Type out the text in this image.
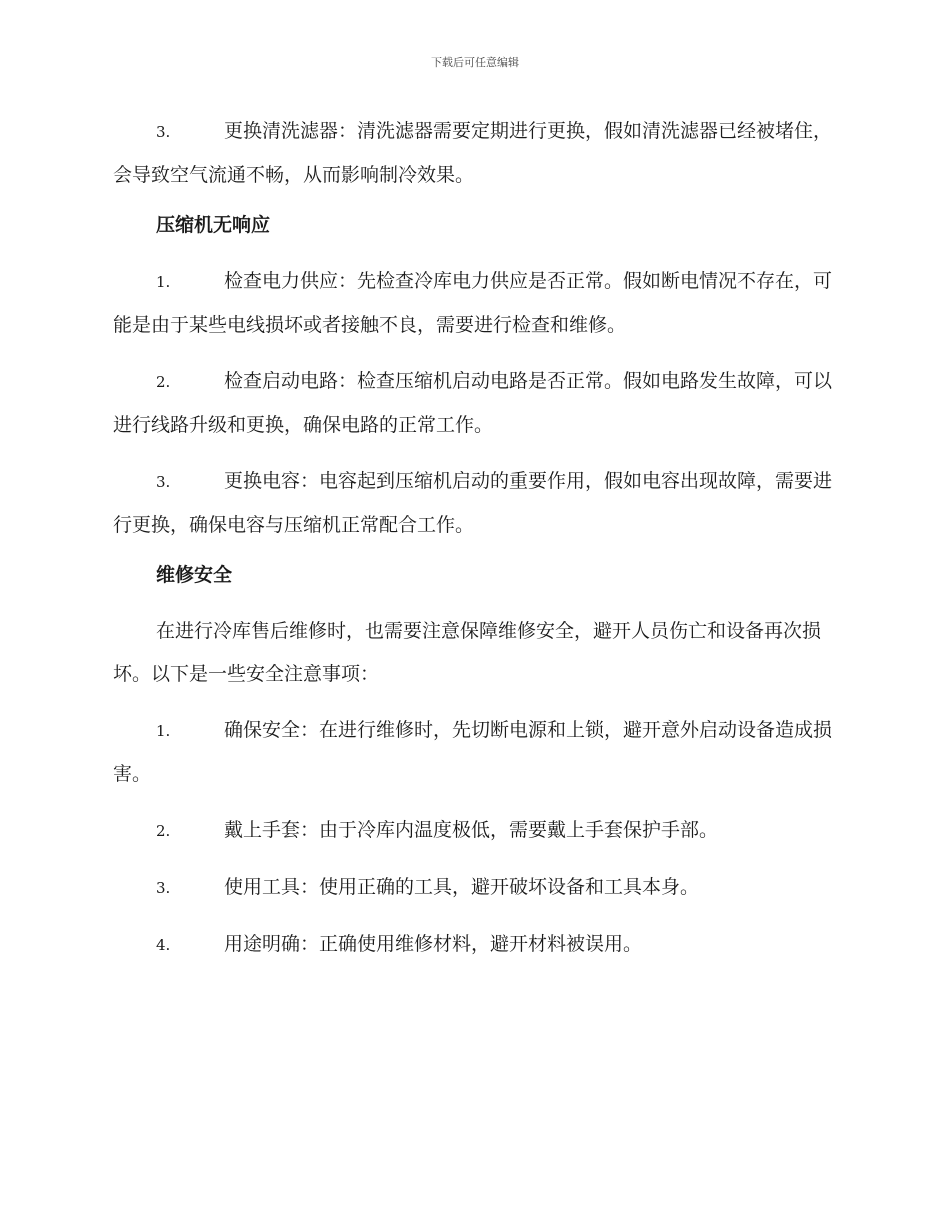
下载后可任意编辑

3.	更换清洗滤器：清洗滤器需要定期进行更换，假如清洗滤器已经被堵住，会导致空气流通不畅，从而影响制冷效果。

压缩机无响应

1.	检查电力供应：先检查冷库电力供应是否正常。假如断电情况不存在，可能是由于某些电线损坏或者接触不良，需要进行检查和维修。

2.	检查启动电路：检查压缩机启动电路是否正常。假如电路发生故障，可以进行线路升级和更换，确保电路的正常工作。

3.	更换电容：电容起到压缩机启动的重要作用，假如电容出现故障，需要进行更换，确保电容与压缩机正常配合工作。

维修安全

在进行冷库售后维修时，也需要注意保障维修安全，避开人员伤亡和设备再次损坏。以下是一些安全注意事项：

1.	确保安全：在进行维修时，先切断电源和上锁，避开意外启动设备造成损害。

2.	戴上手套：由于冷库内温度极低，需要戴上手套保护手部。

3.	使用工具：使用正确的工具，避开破坏设备和工具本身。

4.	用途明确：正确使用维修材料，避开材料被误用。
